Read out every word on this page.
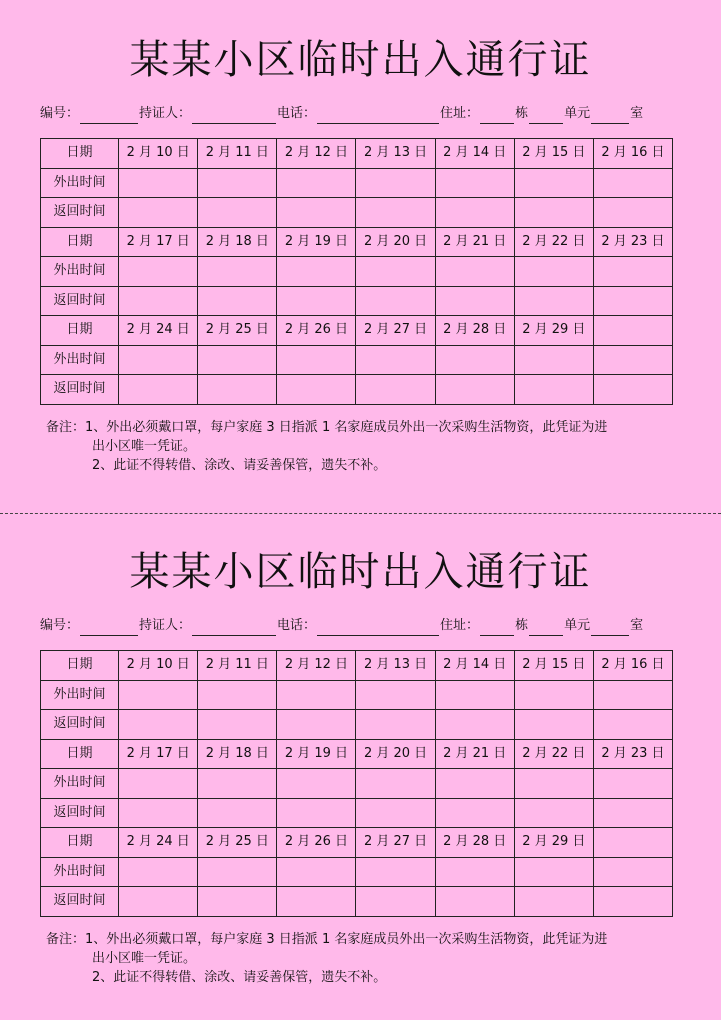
某某小区临时出入通行证
编号：	持证人：	电话：	住址：	栋	单元	室
日期	2 月 10 日	2 月 11 日	2 月 12 日	2 月 13 日	2 月 14 日	2 月 15 日	2 月 16 日
外出时间							
返回时间							
日期	2 月 17 日	2 月 18 日	2 月 19 日	2 月 20 日	2 月 21 日	2 月 22 日	2 月 23 日
外出时间							
返回时间							
日期	2 月 24 日	2 月 25 日	2 月 26 日	2 月 27 日	2 月 28 日	2 月 29 日	
外出时间							
返回时间							
备注：1、外出必须戴口罩，每户家庭 3 日指派 1 名家庭成员外出一次采购生活物资，此凭证为进
出小区唯一凭证。
2、此证不得转借、涂改、请妥善保管，遗失不补。
某某小区临时出入通行证
编号：	持证人：	电话：	住址：	栋	单元	室
日期	2 月 10 日	2 月 11 日	2 月 12 日	2 月 13 日	2 月 14 日	2 月 15 日	2 月 16 日
外出时间							
返回时间							
日期	2 月 17 日	2 月 18 日	2 月 19 日	2 月 20 日	2 月 21 日	2 月 22 日	2 月 23 日
外出时间							
返回时间							
日期	2 月 24 日	2 月 25 日	2 月 26 日	2 月 27 日	2 月 28 日	2 月 29 日	
外出时间							
返回时间							
备注：1、外出必须戴口罩，每户家庭 3 日指派 1 名家庭成员外出一次采购生活物资，此凭证为进
出小区唯一凭证。
2、此证不得转借、涂改、请妥善保管，遗失不补。
